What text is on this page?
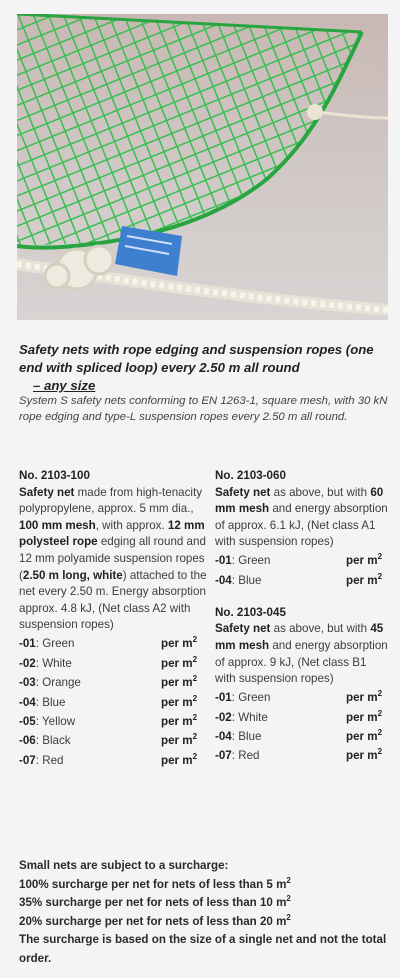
Safety nets with rope edging and suspension ropes (one end with spliced loop) every 2.50 m all round
– any size
System S safety nets conforming to EN 1263-1, square mesh, with 30 kN rope edging and type-L suspension ropes every 2.50 m all round.
No. 2103-100
Safety net made from high-tenacity polypropylene, approx. 5 mm dia., 100 mm mesh, with approx. 12 mm polysteel rope edging all round and 12 mm polyamide suspension ropes (2.50 m long, white) attached to the net every 2.50 m. Energy absorption approx. 4.8 kJ, (Net class A2 with suspension ropes)
-01: Green	per $m^2$
-02: White	per $m^2$
-03: Orange	per $m^2$
-04: Blue	per $m^2$
-05: Yellow	per $m^2$
-06: Black	per $m^2$
-07: Red	per $m^2$
No. 2103-060
Safety net as above, but with 60 mm mesh and energy absorption of approx. 6.1 kJ, (Net class A1 with suspension ropes)
-01: Green	per $m^2$
-04: Blue	per $m^2$
No. 2103-045
Safety net as above, but with 45 mm mesh and energy absorption of approx. 9 kJ, (Net class B1 with suspension ropes)
-01: Green	per $m^2$
-02: White	per $m^2$
-04: Blue	per $m^2$
-07: Red	per $m^2$
Small nets are subject to a surcharge:
100% surcharge per net for nets of less than 5 $m^2$
35% surcharge per net for nets of less than 10 $m^2$
20% surcharge per net for nets of less than 20 $m^2$
The surcharge is based on the size of a single net and not the total order.
